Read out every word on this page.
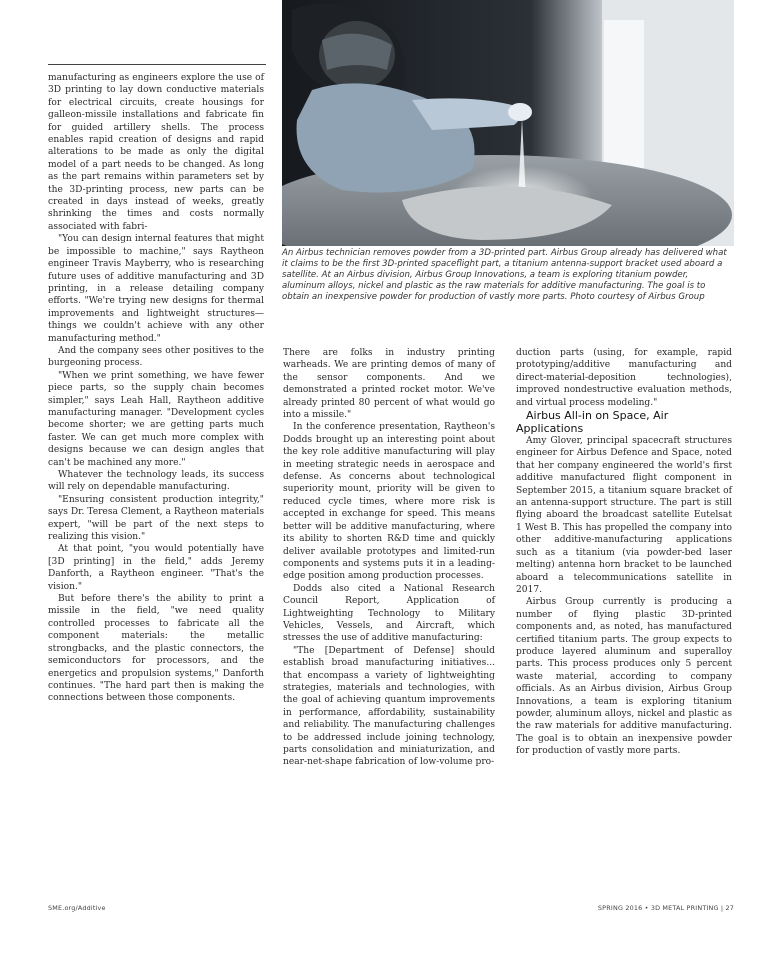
An Airbus technician removes powder from a 3D-printed part. Airbus Group already has delivered what it claims to be the first 3D-printed spaceflight part, a titanium antenna-support bracket used aboard a satellite. At an Airbus division, Airbus Group Innovations, a team is exploring titanium powder, aluminum alloys, nickel and plastic as the raw materials for additive manufacturing. The goal is to obtain an inexpensive powder for production of vastly more parts. Photo courtesy of Airbus Group

manufacturing as engineers explore the use of 3D printing to lay down conductive materials for electrical circuits, create housings for galleon-missile installations and fabricate fin for guided artillery shells. The process enables rapid creation of designs and rapid alterations to be made as only the digital model of a part needs to be changed. As long as the part remains within parameters set by the 3D-printing process, new parts can be created in days instead of weeks, greatly shrinking the times and costs normally associated with fabri-

"You can design internal features that might be impossible to machine," says Raytheon engineer Travis Mayberry, who is researching future uses of additive manufacturing and 3D printing, in a release detailing company efforts. "We're trying new designs for thermal improvements and lightweight structures—things we couldn't achieve with any other manufacturing method."

And the company sees other positives to the burgeoning process.

"When we print something, we have fewer piece parts, so the supply chain becomes simpler," says Leah Hall, Raytheon additive manufacturing manager. "Development cycles become shorter; we are getting parts much faster. We can get much more complex with designs because we can design angles that can't be machined any more."

Whatever the technology leads, its success will rely on dependable manufacturing.

"Ensuring consistent production integrity," says Dr. Teresa Clement, a Raytheon materials expert, "will be part of the next steps to realizing this vision."

At that point, "you would potentially have [3D printing] in the field," adds Jeremy Danforth, a Raytheon engineer. "That's the vision."

But before there's the ability to print a missile in the field, "we need quality controlled processes to fabricate all the component materials: the metallic strongbacks, and the plastic connectors, the semiconductors for processors, and the energetics and propulsion systems," Danforth continues. "The hard part then is making the connections between those components.

There are folks in industry printing warheads. We are printing demos of many of the sensor components. And we demonstrated a printed rocket motor. We've already printed 80 percent of what would go into a missile."

In the conference presentation, Raytheon's Dodds brought up an interesting point about the key role additive manufacturing will play in meeting strategic needs in aerospace and defense. As concerns about technological superiority mount, priority will be given to reduced cycle times, where more risk is accepted in exchange for speed. This means better will be additive manufacturing, where its ability to shorten R&D time and quickly deliver available prototypes and limited-run components and systems puts it in a leading-edge position among production processes.

Dodds also cited a National Research Council Report, Application of Lightweighting Technology to Military Vehicles, Vessels, and Aircraft, which stresses the use of additive manufacturing:

"The [Department of Defense] should establish broad manufacturing initiatives... that encompass a variety of lightweighting strategies, materials and technologies, with the goal of achieving quantum improvements in performance, affordability, sustainability and reliability. The manufacturing challenges to be addressed include joining technology, parts consolidation and miniaturization, and near-net-shape fabrication of low-volume pro-

duction parts (using, for example, rapid prototyping/additive manufacturing and direct-material-deposition technologies), improved nondestructive evaluation methods, and virtual process modeling."

Airbus All-in on Space, Air Applications

Amy Glover, principal spacecraft structures engineer for Airbus Defence and Space, noted that her company engineered the world's first additive manufactured flight component in September 2015, a titanium square bracket of an antenna-support structure. The part is still flying aboard the broadcast satellite Eutelsat 1 West B. This has propelled the company into other additive-manufacturing applications such as a titanium (via powder-bed laser melting) antenna horn bracket to be launched aboard a telecommunications satellite in 2017.

Airbus Group currently is producing a number of flying plastic 3D-printed components and, as noted, has manufactured certified titanium parts. The group expects to produce layered aluminum and superalloy parts. This process produces only 5 percent waste material, according to company officials. As an Airbus division, Airbus Group Innovations, a team is exploring titanium powder, aluminum alloys, nickel and plastic as the raw materials for additive manufacturing. The goal is to obtain an inexpensive powder for production of vastly more parts.

SME.org/Additive	SPRING 2016 • 3D METAL PRINTING | 27
